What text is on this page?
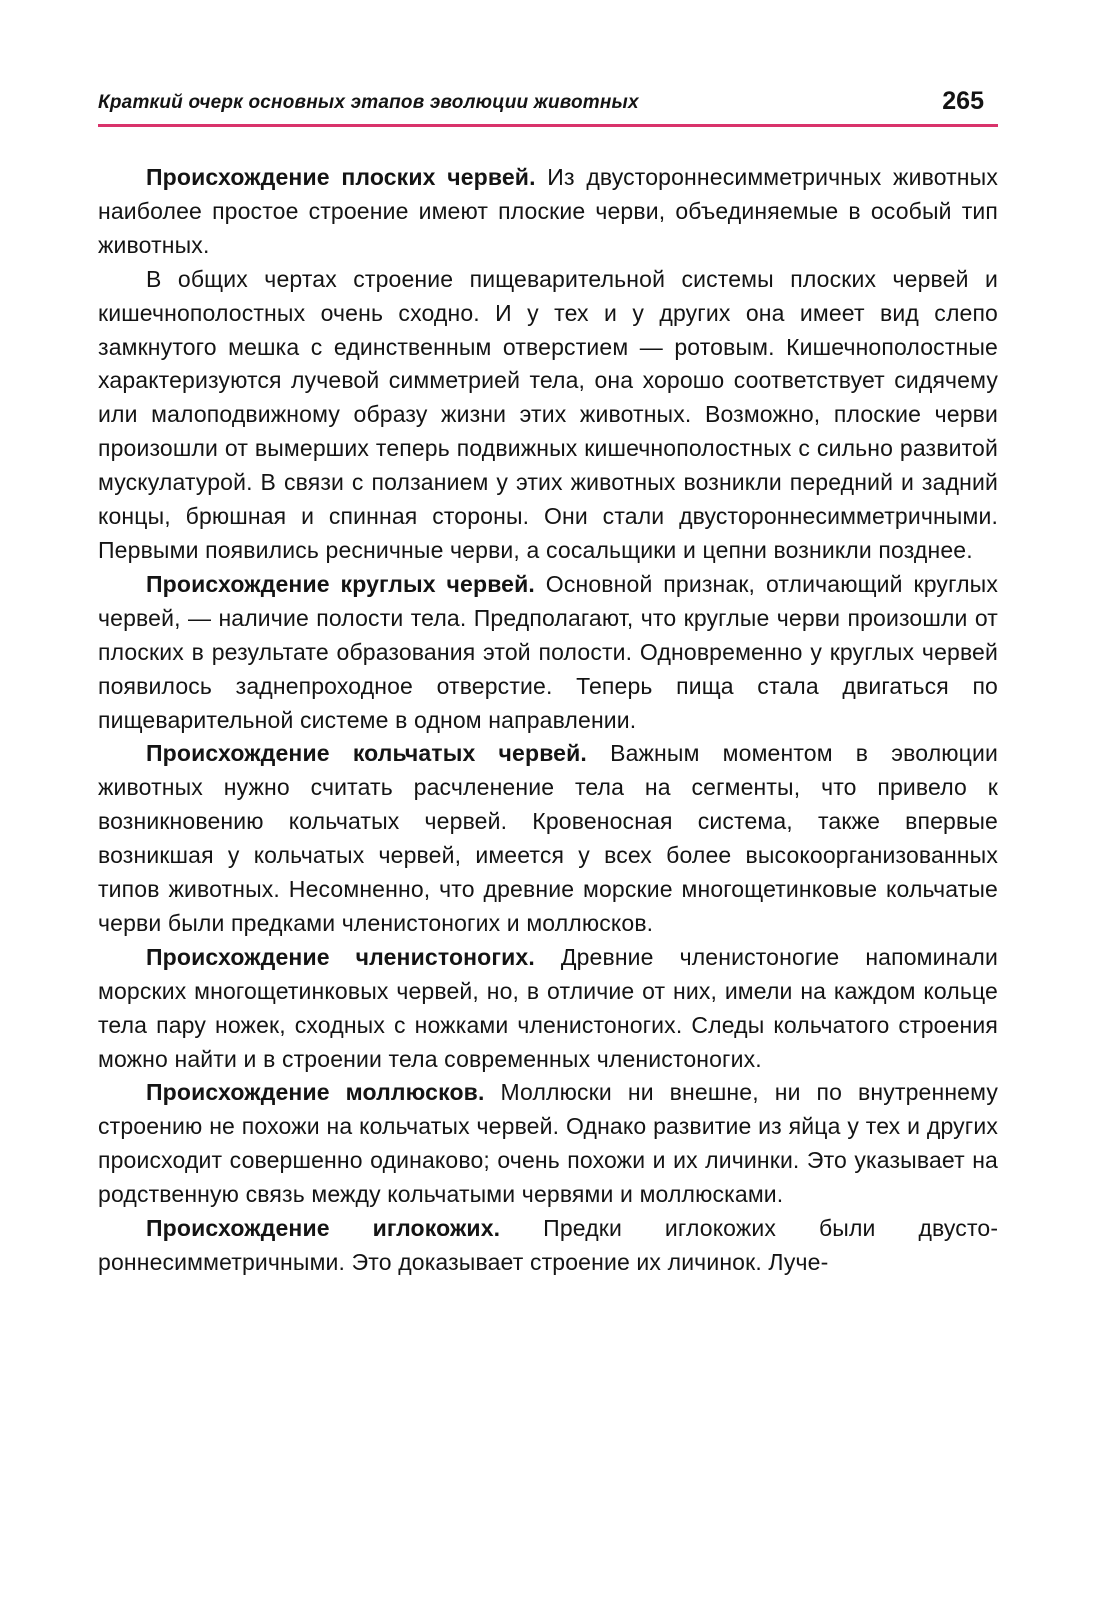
Краткий очерк основных этапов эволюции животных	265

Происхождение плоских червей. Из двустороннесимметричных животных наиболее простое строение имеют плоские черви, объединяемые в особый тип животных.

В общих чертах строение пищеварительной системы плоских червей и кишечнополостных очень сходно. И у тех и у других она имеет вид слепо замкнутого мешка с единственным отверстием — ротовым. Кишечнополостные характеризуются лучевой симметрией тела, она хорошо соответствует сидячему или малоподвижному образу жизни этих животных. Возможно, плоские черви произошли от вымерших теперь подвижных кишечнополостных с сильно развитой мускулатурой. В связи с ползанием у этих животных возникли передний и задний концы, брюшная и спинная стороны. Они стали двустороннесимметричными. Первыми появились ресничные черви, а сосальщики и цепни возникли позднее.

Происхождение круглых червей. Основной признак, отличающий круглых червей, — наличие полости тела. Предполагают, что круглые черви произошли от плоских в результате образования этой полости. Одновременно у круглых червей появилось заднепроходное отверстие. Теперь пища стала двигаться по пищеварительной системе в одном направлении.

Происхождение кольчатых червей. Важным моментом в эволюции животных нужно считать расчленение тела на сегменты, что привело к возникновению кольчатых червей. Кровеносная система, также впервые возникшая у кольчатых червей, имеется у всех более высокоорганизованных типов животных. Несомненно, что древние морские многощетинковые кольчатые черви были предками членистоногих и моллюсков.

Происхождение членистоногих. Древние членистоногие напоминали морских многощетинковых червей, но, в отличие от них, имели на каждом кольце тела пару ножек, сходных с ножками членистоногих. Следы кольчатого строения можно найти и в строении тела современных членистоногих.

Происхождение моллюсков. Моллюски ни внешне, ни по внутреннему строению не похожи на кольчатых червей. Однако развитие из яйца у тех и других происходит совершенно одинаково; очень похожи и их личинки. Это указывает на родственную связь между кольчатыми червями и моллюсками.

Происхождение иглокожих. Предки иглокожих были двустороннесимметричными. Это доказывает строение их личинок. Луче-
